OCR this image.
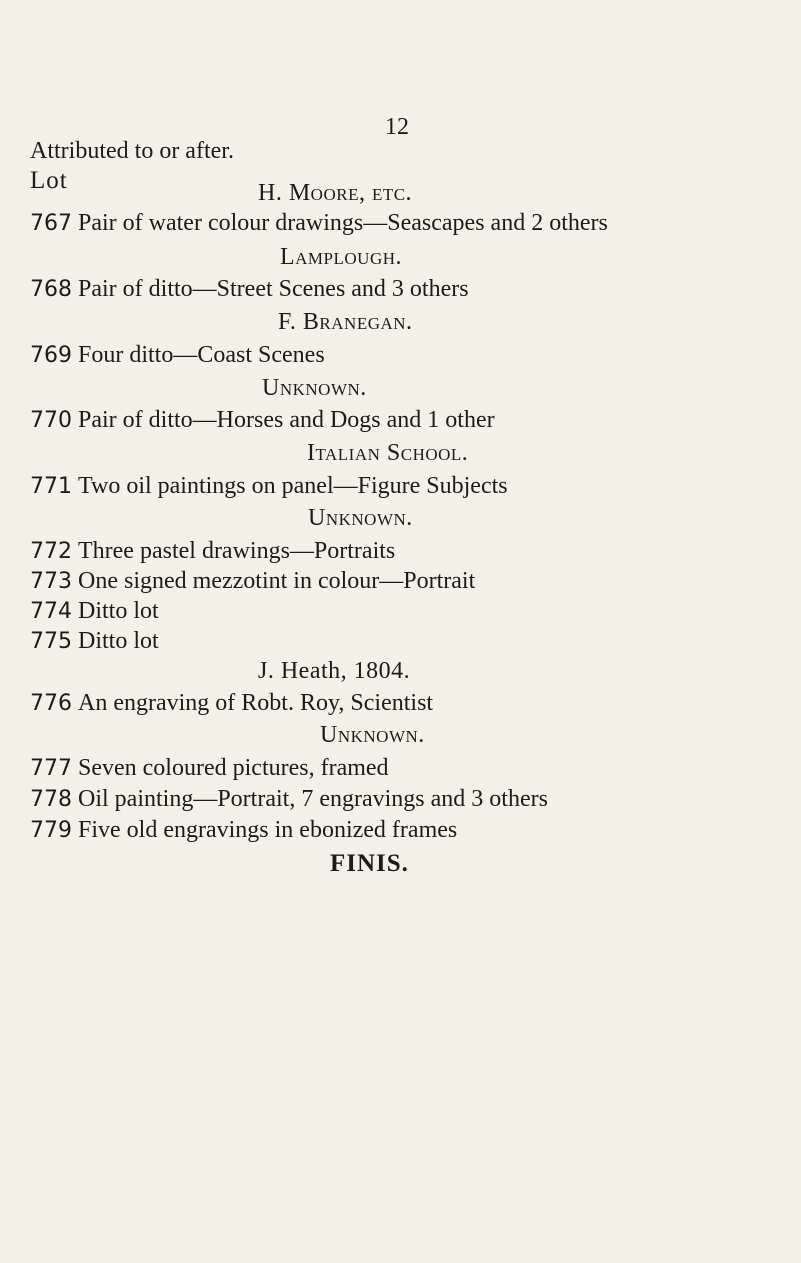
12
Attributed to or after.
Lot	H. Moore, etc.
767 Pair of water colour drawings—Seascapes and 2 others
Lamplough.
768 Pair of ditto—Street Scenes and 3 others
F. Branegan.
769 Four ditto—Coast Scenes
Unknown.
770 Pair of ditto—Horses and Dogs and 1 other
Italian School.
771 Two oil paintings on panel—Figure Subjects
Unknown.
772 Three pastel drawings—Portraits
773 One signed mezzotint in colour—Portrait
774 Ditto lot
775 Ditto lot
J. Heath, 1804.
776 An engraving of Robt. Roy, Scientist
Unknown.
777 Seven coloured pictures, framed
778 Oil painting—Portrait, 7 engravings and 3 others
779 Five old engravings in ebonized frames
FINIS.
